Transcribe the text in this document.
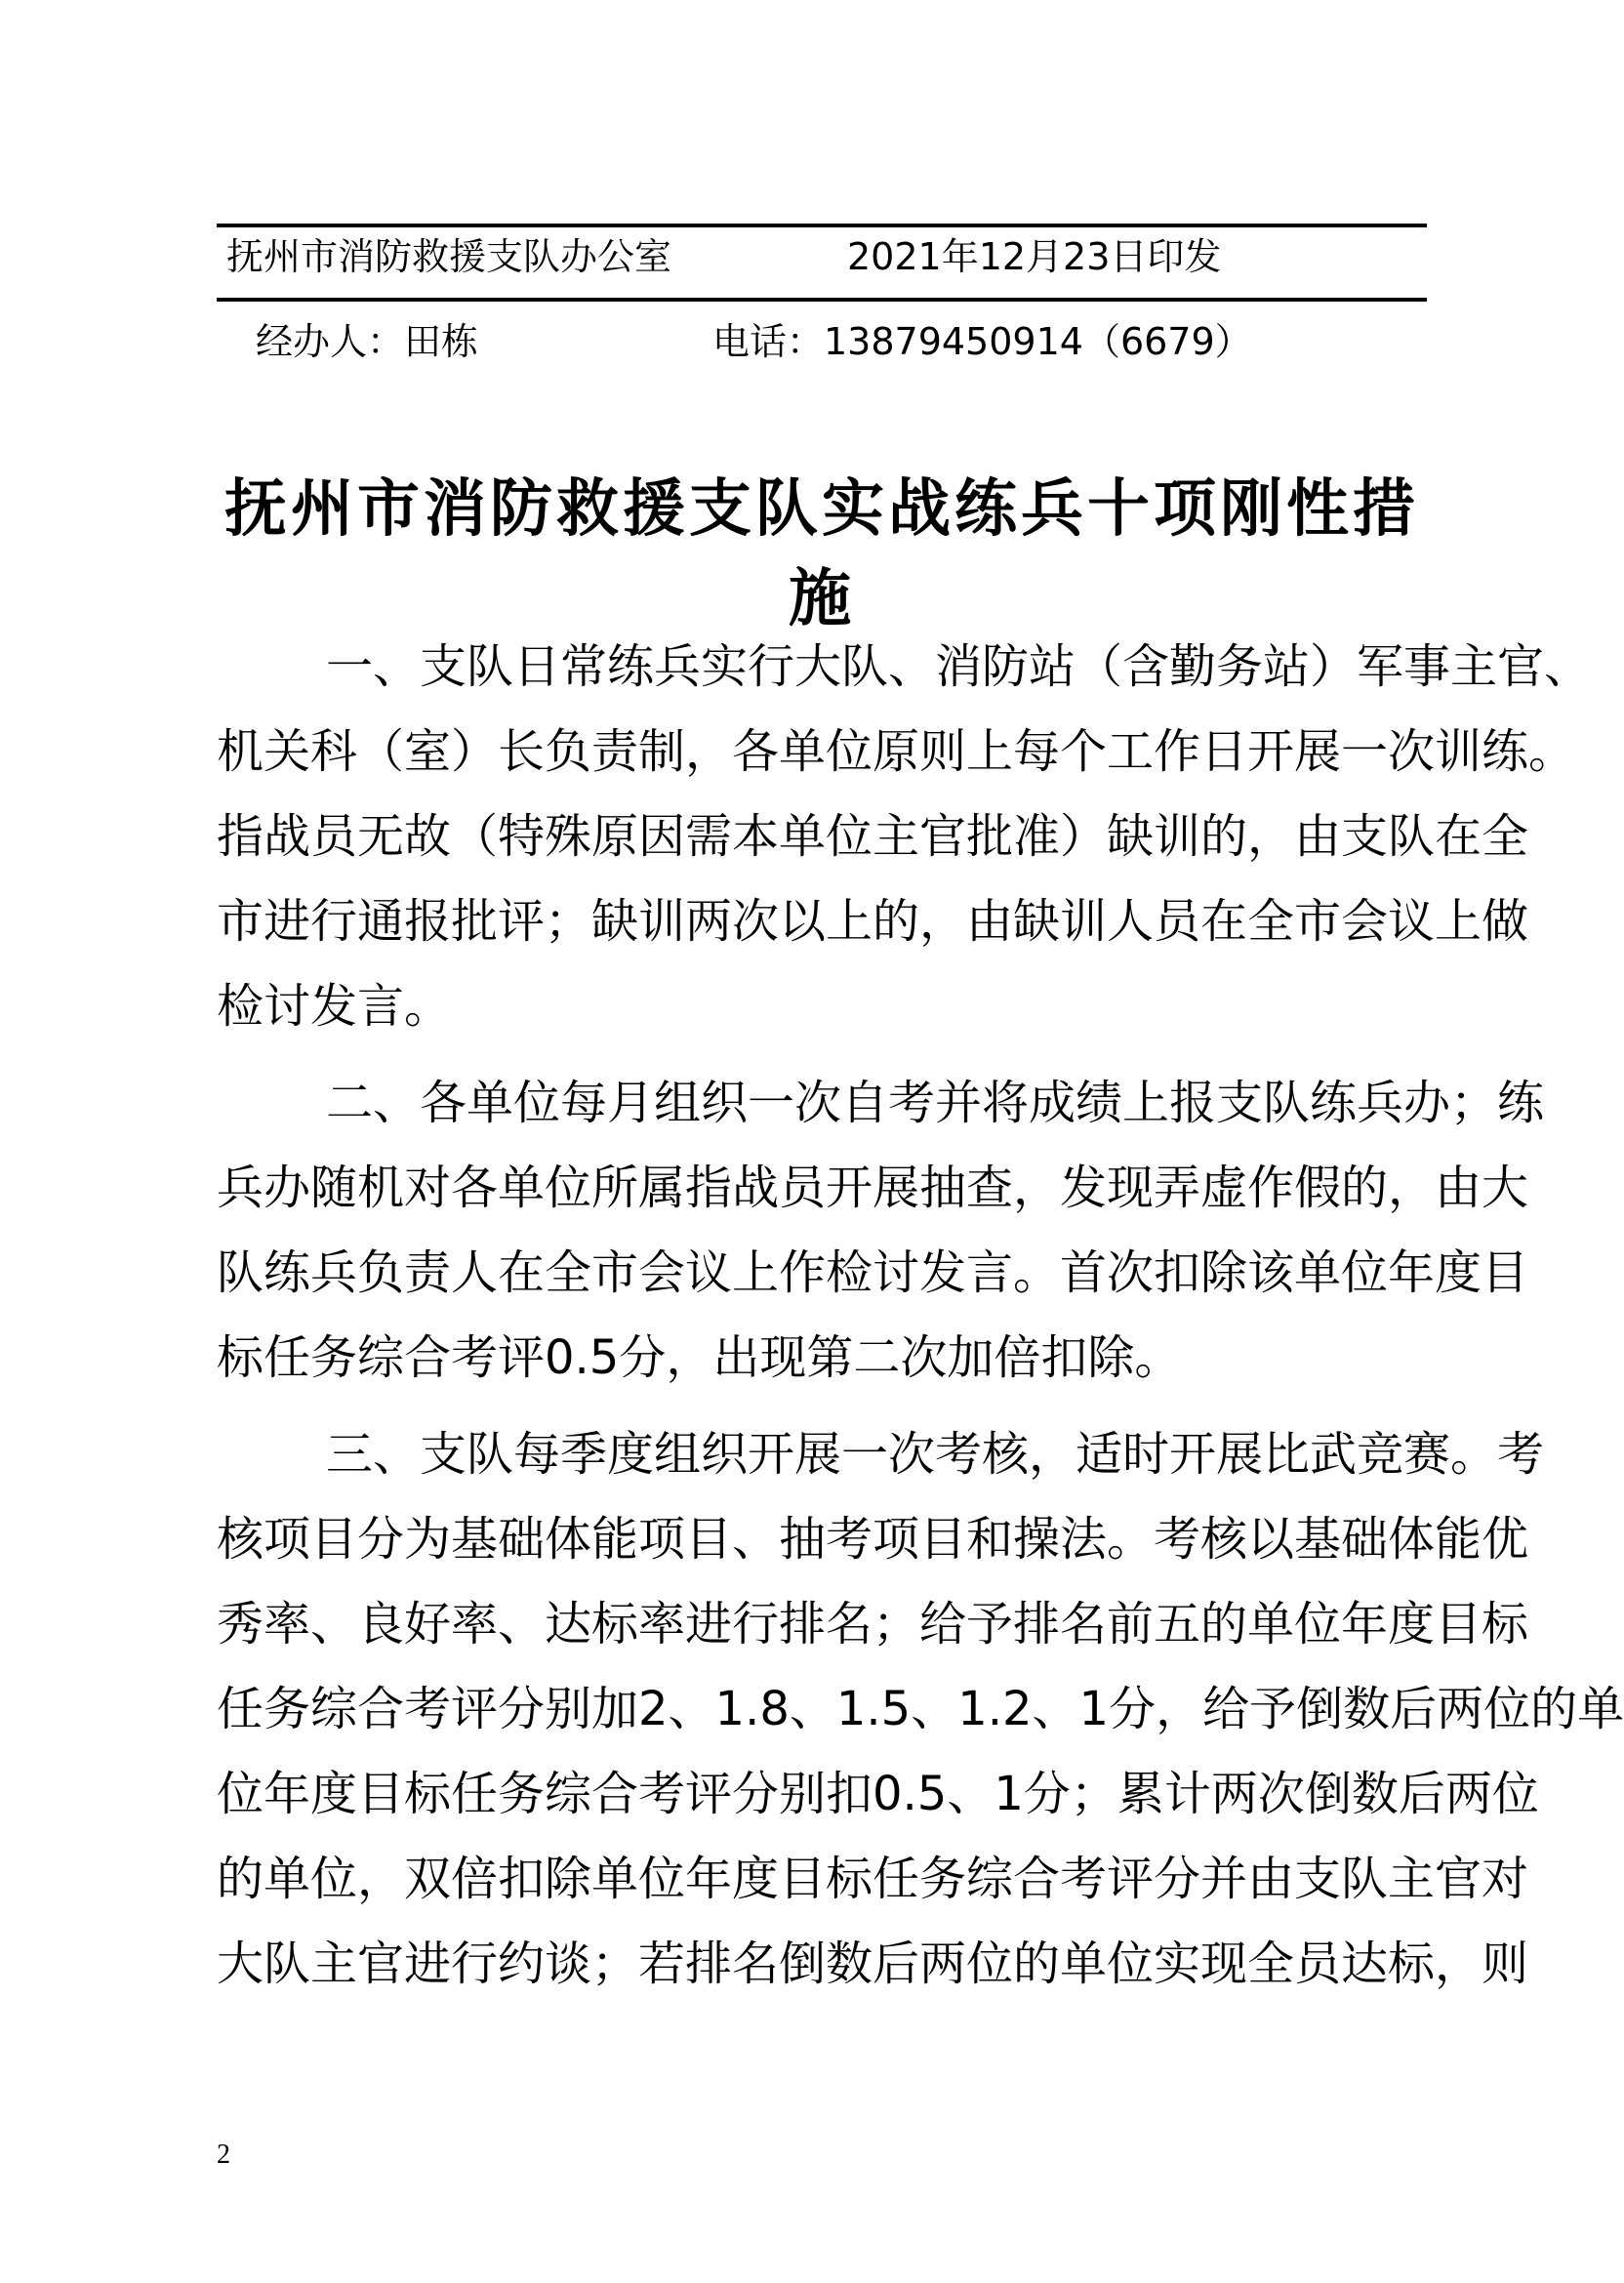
抚州市消防救援支队办公室	2021年12月23日印发
经办人：田栋	电话：13879450914（6679）
抚州市消防救援支队实战练兵十项刚性措施
一、支队日常练兵实行大队、消防站（含勤务站）军事主官、
机关科（室）长负责制，各单位原则上每个工作日开展一次训练。
指战员无故（特殊原因需本单位主官批准）缺训的，由支队在全
市进行通报批评；缺训两次以上的，由缺训人员在全市会议上做
检讨发言。
二、各单位每月组织一次自考并将成绩上报支队练兵办；练
兵办随机对各单位所属指战员开展抽查，发现弄虚作假的，由大
队练兵负责人在全市会议上作检讨发言。首次扣除该单位年度目
标任务综合考评0.5分，出现第二次加倍扣除。
三、支队每季度组织开展一次考核，适时开展比武竞赛。考
核项目分为基础体能项目、抽考项目和操法。考核以基础体能优
秀率、良好率、达标率进行排名；给予排名前五的单位年度目标
任务综合考评分别加2、1.8、1.5、1.2、1分，给予倒数后两位的单
位年度目标任务综合考评分别扣0.5、1分；累计两次倒数后两位
的单位，双倍扣除单位年度目标任务综合考评分并由支队主官对
大队主官进行约谈；若排名倒数后两位的单位实现全员达标，则
2
